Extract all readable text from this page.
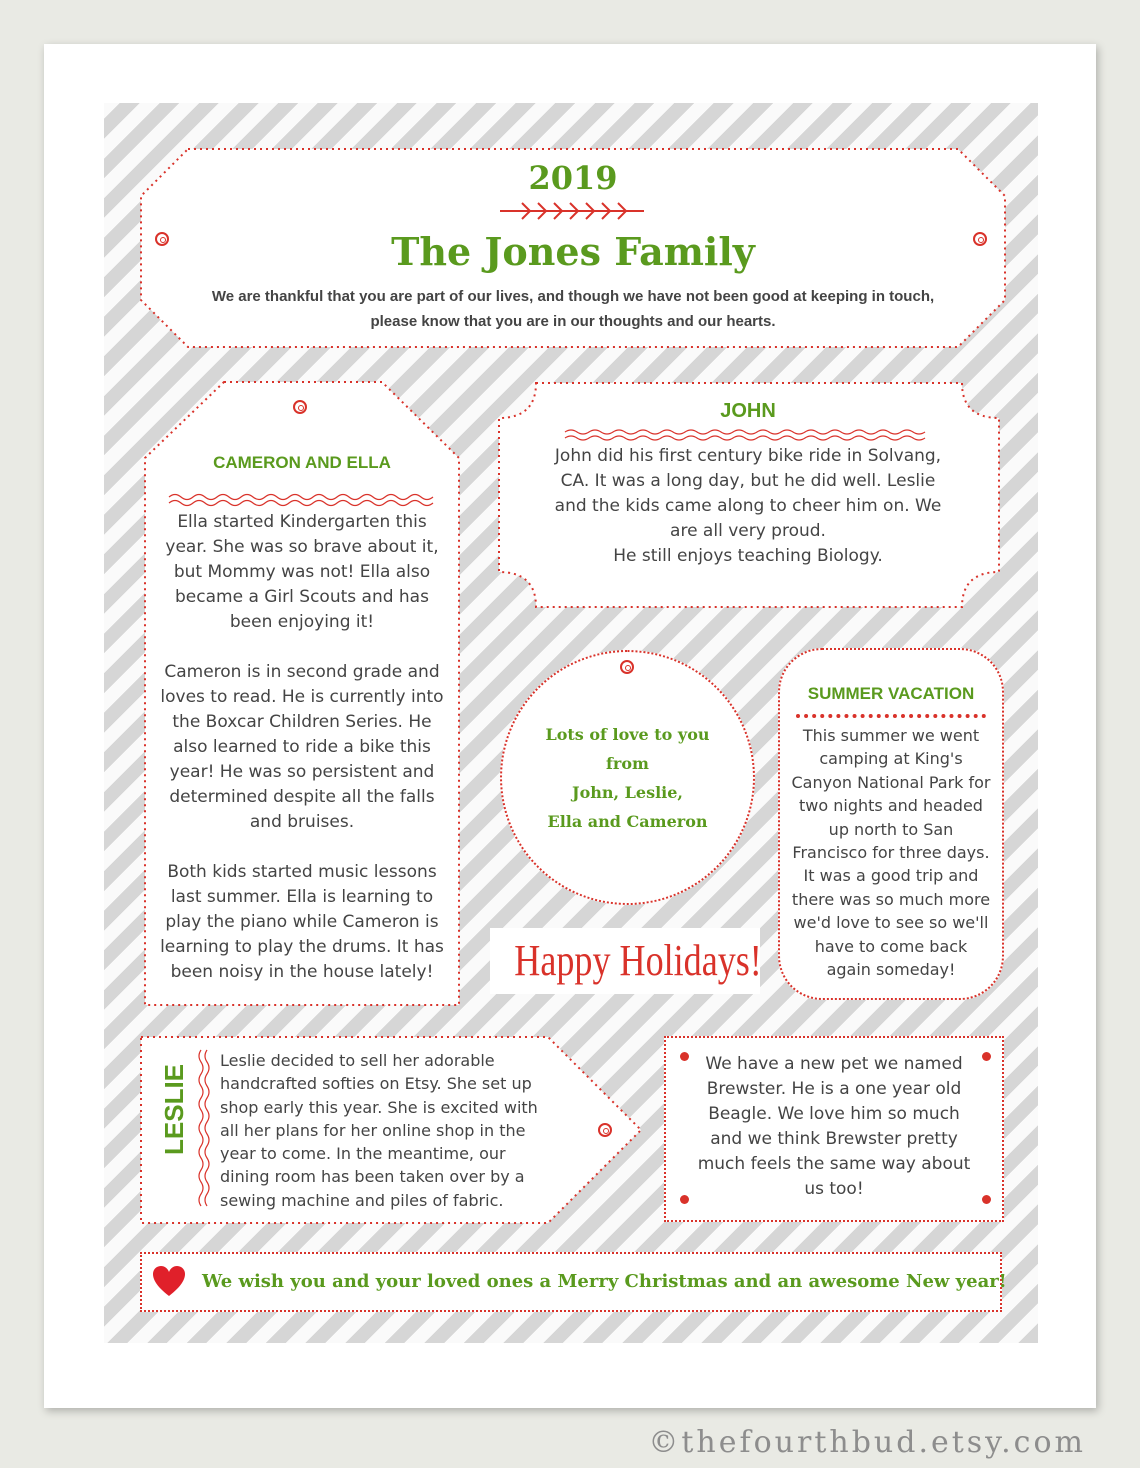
2019
The Jones Family
We are thankful that you are part of our lives, and though we have not been good at keeping in touch, please know that you are in our thoughts and our hearts.
CAMERON AND ELLA
Ella started Kindergarten this year. She was so brave about it, but Mommy was not! Ella also became a Girl Scouts and has been enjoying it!
Cameron is in second grade and loves to read. He is currently into the Boxcar Children Series. He also learned to ride a bike this year! He was so persistent and determined despite all the falls and bruises.
Both kids started music lessons last summer. Ella is learning to play the piano while Cameron is learning to play the drums. It has been noisy in the house lately!
JOHN
John did his first century bike ride in Solvang, CA. It was a long day, but he did well. Leslie and the kids came along to cheer him on. We are all very proud.
He still enjoys teaching Biology.
Lots of love to you
from
John, Leslie,
Ella and Cameron
Happy Holidays!
SUMMER VACATION
This summer we went camping at King's Canyon National Park for two nights and headed up north to San Francisco for three days. It was a good trip and there was so much more we'd love to see so we'll have to come back again someday!
LESLIE
Leslie decided to sell her adorable handcrafted softies on Etsy. She set up shop early this year. She is excited with all her plans for her online shop in the year to come. In the meantime, our dining room has been taken over by a sewing machine and piles of fabric.
We have a new pet we named Brewster. He is a one year old Beagle. We love him so much and we think Brewster pretty much feels the same way about us too!
We wish you and your loved ones a Merry Christmas and an awesome New year!
©thefourthbud.etsy.com
